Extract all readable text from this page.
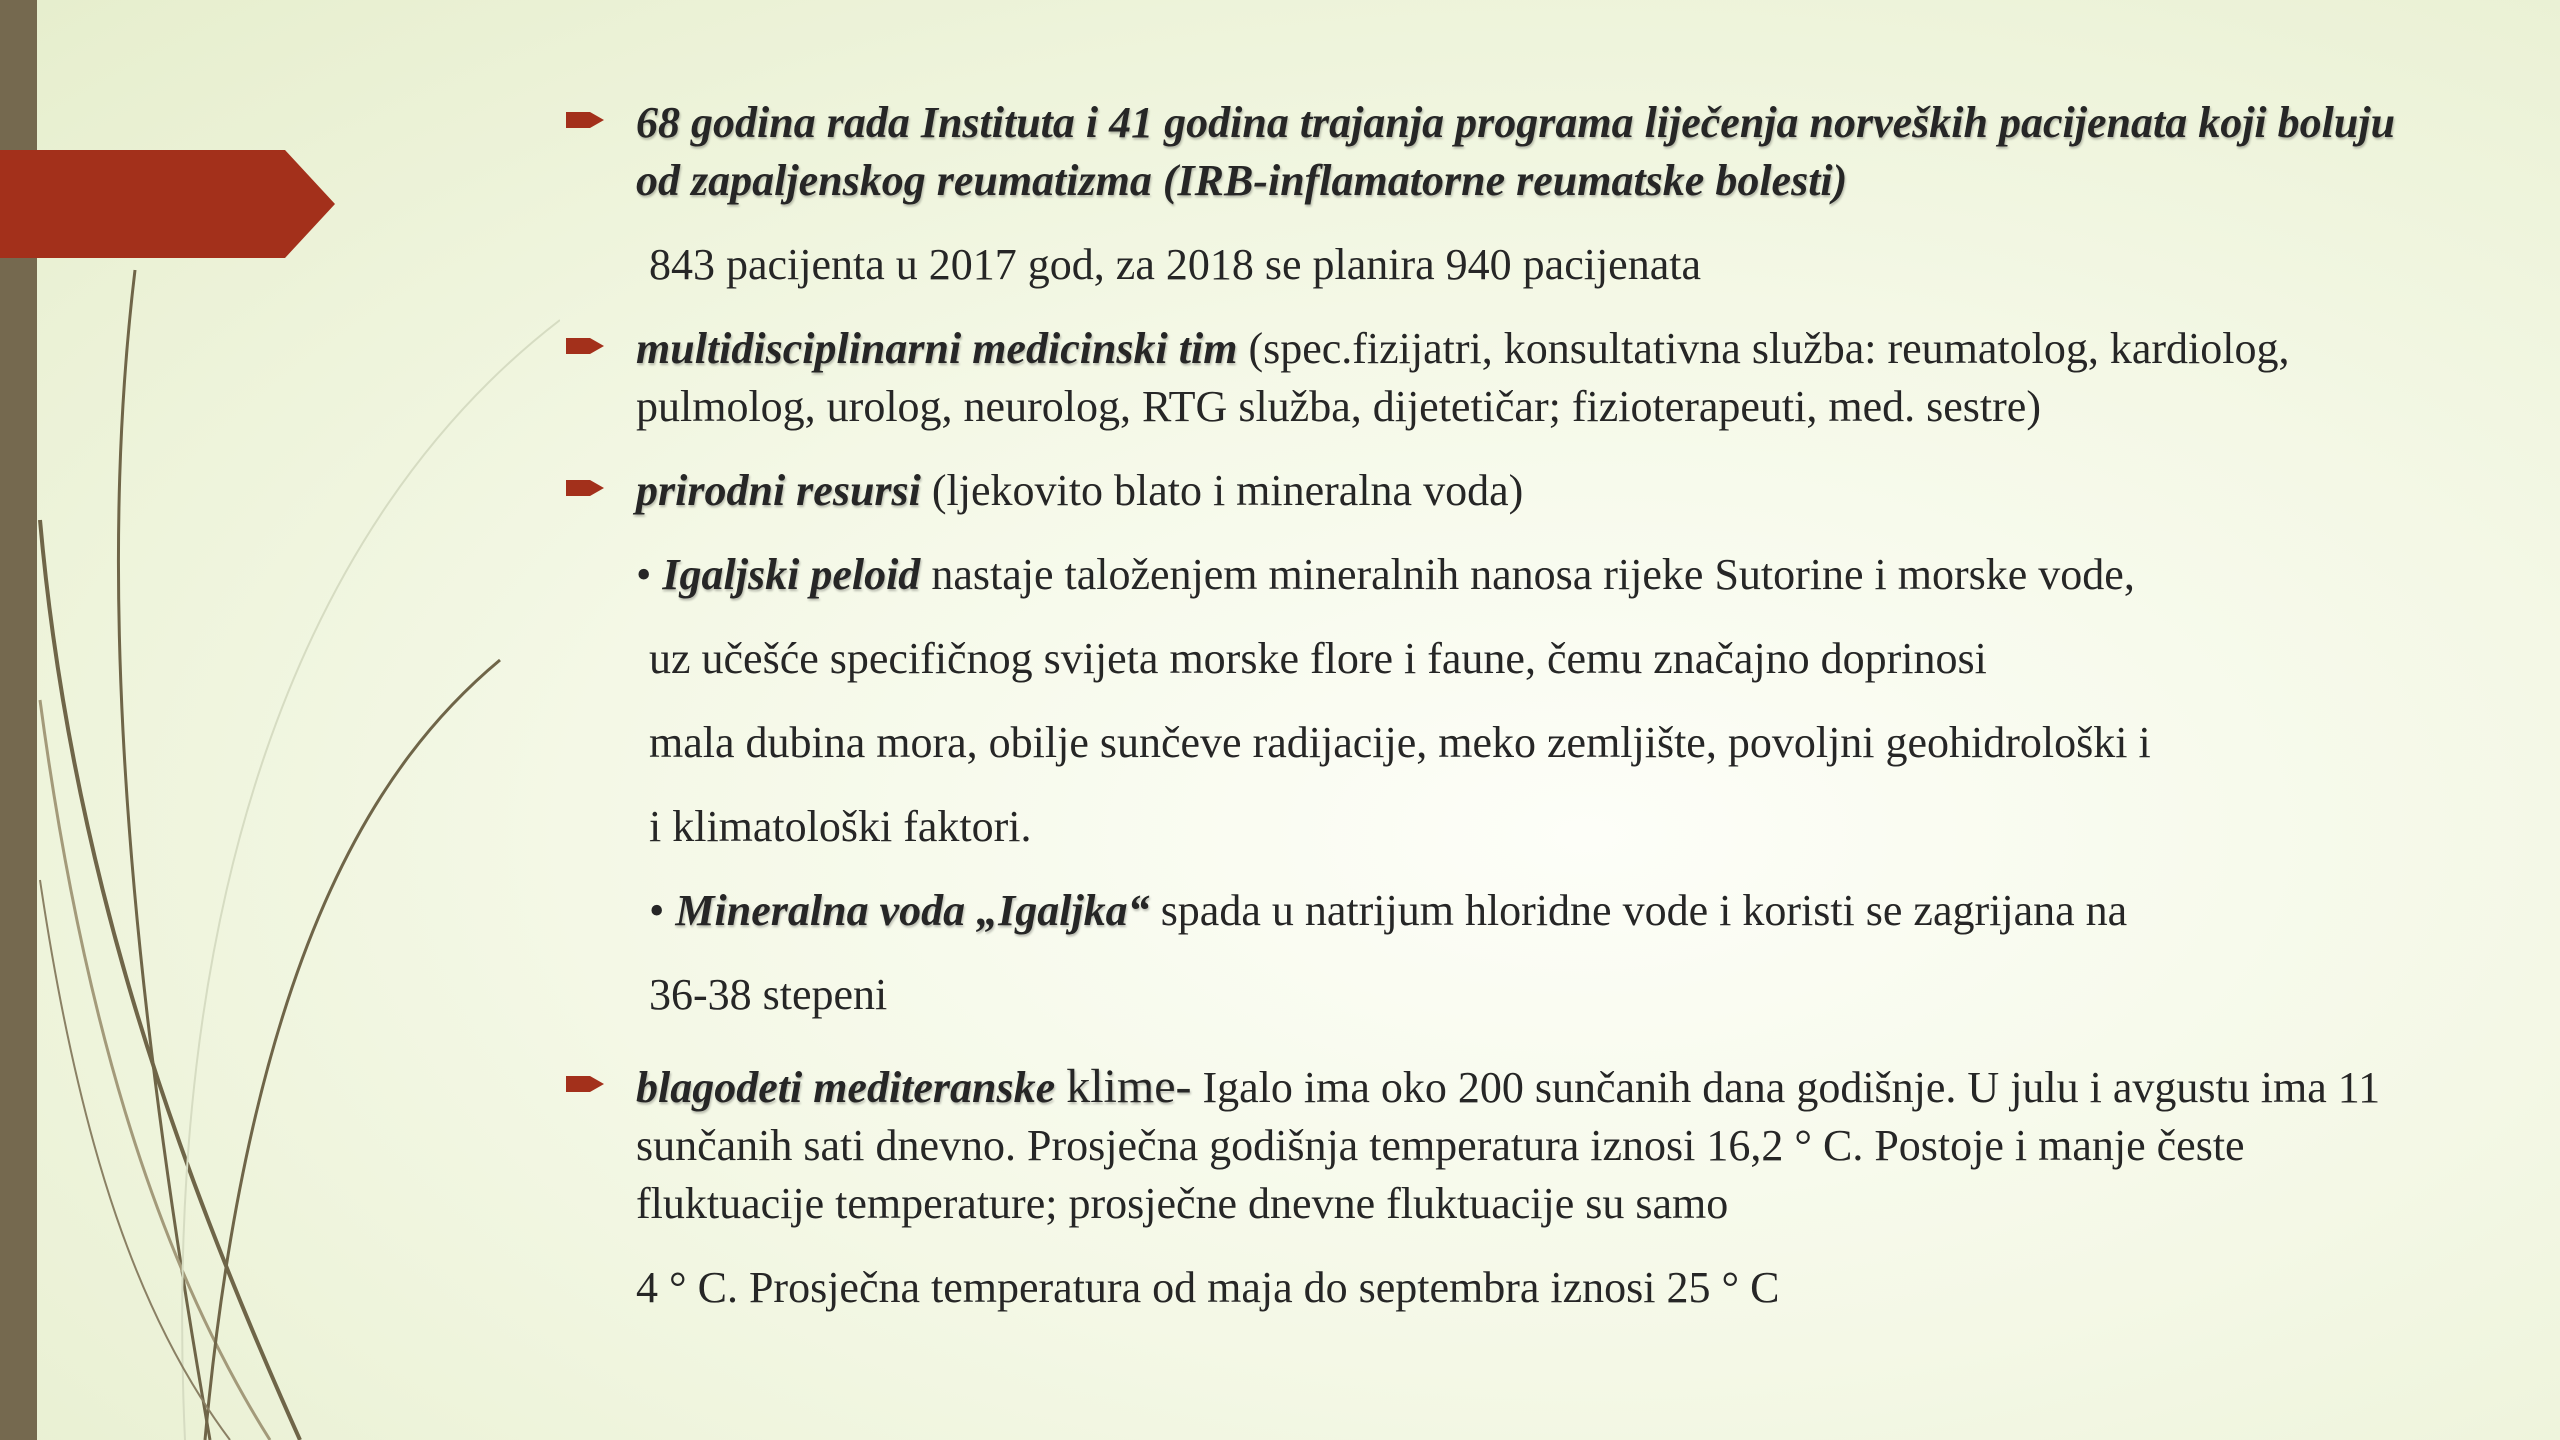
68 godina rada Instituta i 41 godina trajanja programa liječenja norveških pacijenata koji boluju od zapaljenskog reumatizma (IRB-inflamatorne reumatske bolesti)
843 pacijenta u 2017 god, za 2018 se planira 940 pacijenata
multidisciplinarni medicinski tim (spec.fizijatri, konsultativna služba: reumatolog, kardiolog, pulmolog, urolog, neurolog, RTG služba, dijetetičar; fizioterapeuti, med. sestre)
prirodni resursi (ljekovito blato i mineralna voda)
• Igaljski peloid nastaje taloženjem mineralnih nanosa rijeke Sutorine i morske vode,
uz učešće specifičnog svijeta morske flore i faune, čemu značajno doprinosi
mala dubina mora, obilje sunčeve radijacije, meko zemljište, povoljni geohidrološki i
i klimatološki faktori.
• Mineralna voda „Igaljka“ spada u natrijum hloridne vode i koristi se zagrijana na
36-38 stepeni
blagodeti mediteranske klime- Igalo ima oko 200 sunčanih dana godišnje. U julu i avgustu ima 11 sunčanih sati dnevno. Prosječna godišnja temperatura iznosi 16,2 ° C. Postoje i manje česte fluktuacije temperature; prosječne dnevne fluktuacije su samo
4 ° C. Prosječna temperatura od maja do septembra iznosi 25 ° C
